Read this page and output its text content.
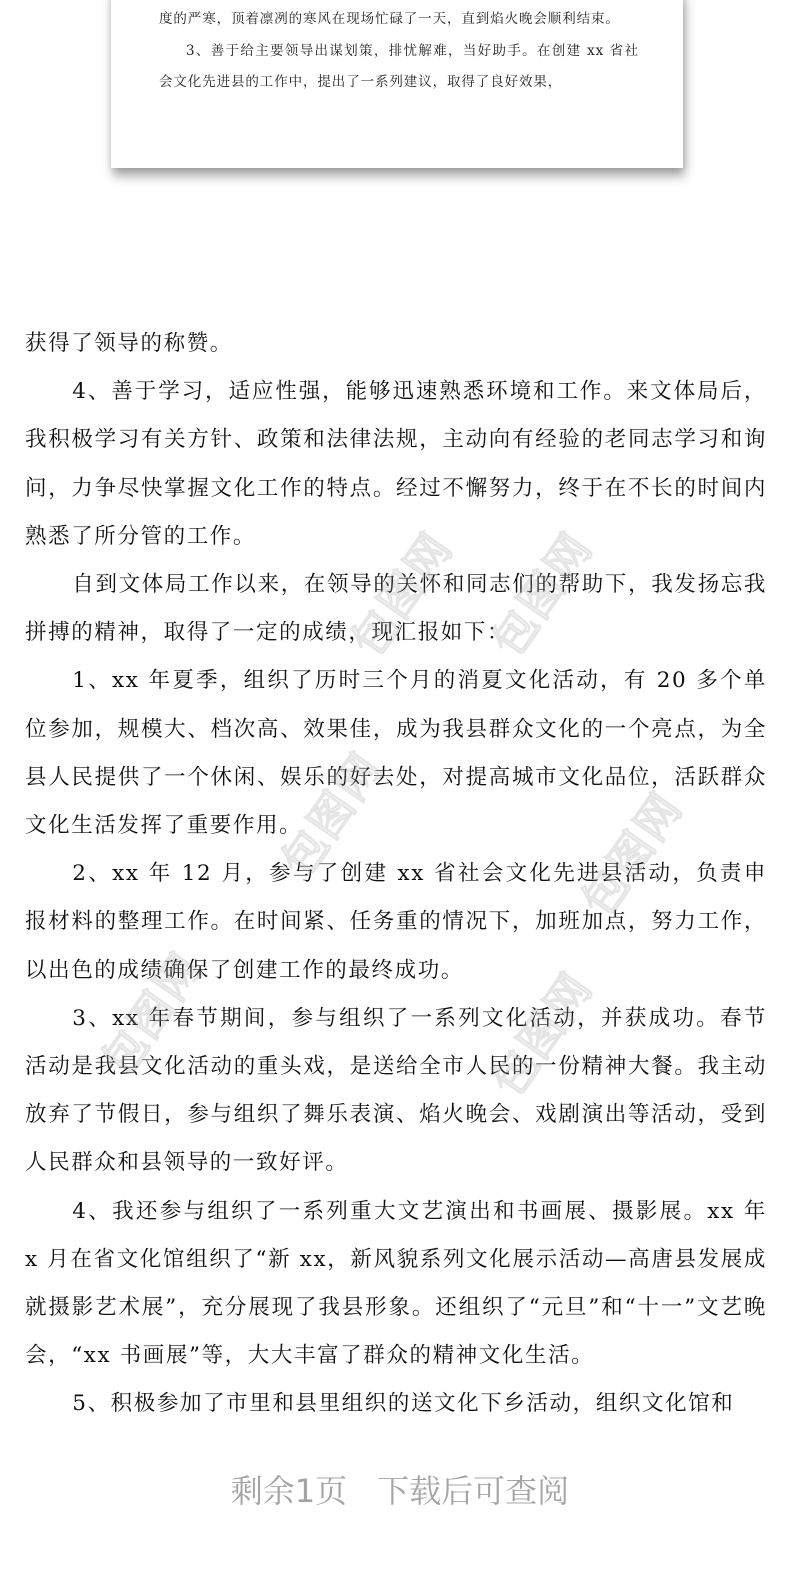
度的严寒，顶着凛冽的寒风在现场忙碌了一天，直到焰火晚会顺利结束。

3、善于给主要领导出谋划策，排忧解难，当好助手。在创建 xx 省社会文化先进县的工作中，提出了一系列建议，取得了良好效果，

获得了领导的称赞。

4、善于学习，适应性强，能够迅速熟悉环境和工作。来文体局后，我积极学习有关方针、政策和法律法规，主动向有经验的老同志学习和询问，力争尽快掌握文化工作的特点。经过不懈努力，终于在不长的时间内熟悉了所分管的工作。

自到文体局工作以来，在领导的关怀和同志们的帮助下，我发扬忘我拼搏的精神，取得了一定的成绩，现汇报如下：

1、xx 年夏季，组织了历时三个月的消夏文化活动，有 20 多个单位参加，规模大、档次高、效果佳，成为我县群众文化的一个亮点，为全县人民提供了一个休闲、娱乐的好去处，对提高城市文化品位，活跃群众文化生活发挥了重要作用。

2、xx 年 12 月，参与了创建 xx 省社会文化先进县活动，负责申报材料的整理工作。在时间紧、任务重的情况下，加班加点，努力工作，以出色的成绩确保了创建工作的最终成功。

3、xx 年春节期间，参与组织了一系列文化活动，并获成功。春节活动是我县文化活动的重头戏，是送给全市人民的一份精神大餐。我主动放弃了节假日，参与组织了舞乐表演、焰火晚会、戏剧演出等活动，受到人民群众和县领导的一致好评。

4、我还参与组织了一系列重大文艺演出和书画展、摄影展。xx 年 x 月在省文化馆组织了“新 xx，新风貌系列文化展示活动—高唐县发展成就摄影艺术展”，充分展现了我县形象。还组织了“元旦”和“十一”文艺晚会，“xx 书画展”等，大大丰富了群众的精神文化生活。

5、积极参加了市里和县里组织的送文化下乡活动，组织文化馆和

包图网 包图网
包图网	包图网
包图网	包图网
剩余1页 下载后可查阅
